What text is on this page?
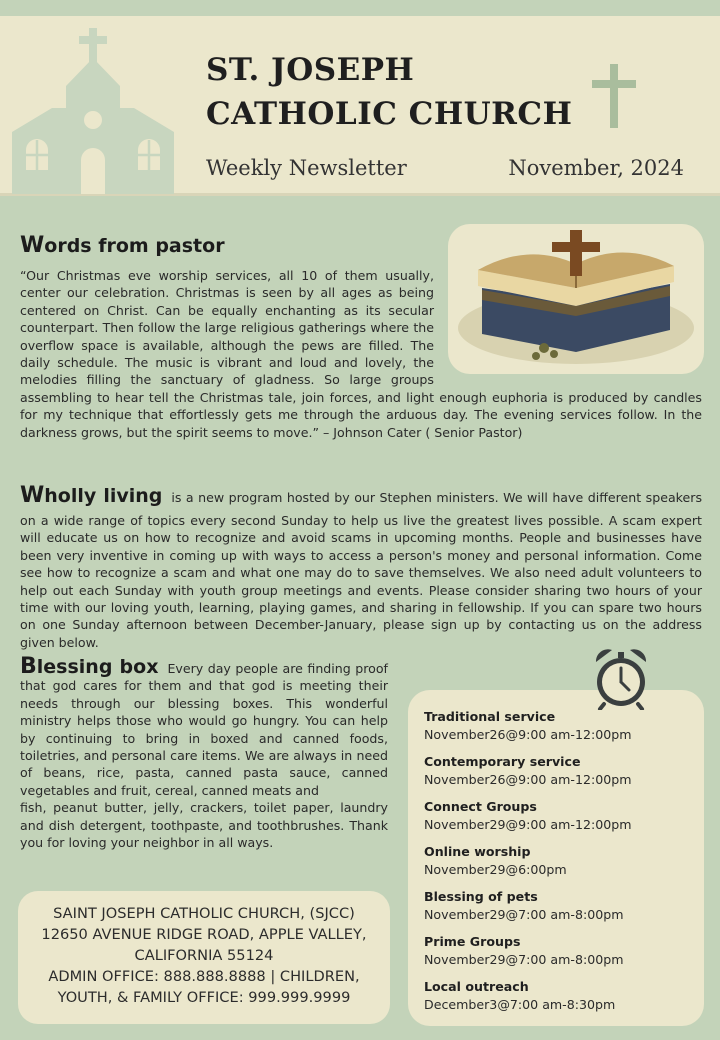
ST. JOSEPH
CATHOLIC CHURCH
Weekly Newsletter	November, 2024
Words from pastor

“Our Christmas eve worship services, all 10 of them usually, center our celebration. Christmas is seen by all ages as being centered on Christ. Can be equally enchanting as its secular counterpart. Then follow the large religious gatherings where the overflow space is available, although the pews are filled. The daily schedule. The music is vibrant and loud and lovely, the melodies filling the sanctuary of gladness. So large groups assembling to hear tell the Christmas tale, join forces, and light enough euphoria is produced by candles for my technique that effortlessly gets me through the arduous day. The evening services follow. In the darkness grows, but the spirit seems to move.” – Johnson Cater ( Senior Pastor)

Wholly living is a new program hosted by our Stephen ministers. We will have different speakers on a wide range of topics every second Sunday to help us live the greatest lives possible. A scam expert will educate us on how to recognize and avoid scams in upcoming months. People and businesses have been very inventive in coming up with ways to access a person's money and personal information. Come see how to recognize a scam and what one may do to save themselves. We also need adult volunteers to help out each Sunday with youth group meetings and events. Please consider sharing two hours of your time with our loving youth, learning, playing games, and sharing in fellowship. If you can spare two hours on one Sunday afternoon between December-January, please sign up by contacting us on the address given below.

Blessing box Every day people are finding proof that god cares for them and that god is meeting their needs through our blessing boxes. This wonderful ministry helps those who would go hungry. You can help by continuing to bring in boxed and canned foods, toiletries, and personal care items. We are always in need of beans, rice, pasta, canned pasta sauce, canned vegetables and fruit, cereal, canned meats and

fish, peanut butter, jelly, crackers, toilet paper, laundry and dish detergent, toothpaste, and toothbrushes. Thank you for loving your neighbor in all ways.

SAINT JOSEPH CATHOLIC CHURCH, (SJCC)
12650 AVENUE RIDGE ROAD, APPLE VALLEY,
CALIFORNIA 55124
ADMIN OFFICE: 888.888.8888 | CHILDREN,
YOUTH, & FAMILY OFFICE: 999.999.9999
Traditional service
November26@9:00 am-12:00pm
Contemporary service
November26@9:00 am-12:00pm
Connect Groups
November29@9:00 am-12:00pm
Online worship
November29@6:00pm
Blessing of pets
November29@7:00 am-8:00pm
Prime Groups
November29@7:00 am-8:00pm
Local outreach
December3@7:00 am-8:30pm
